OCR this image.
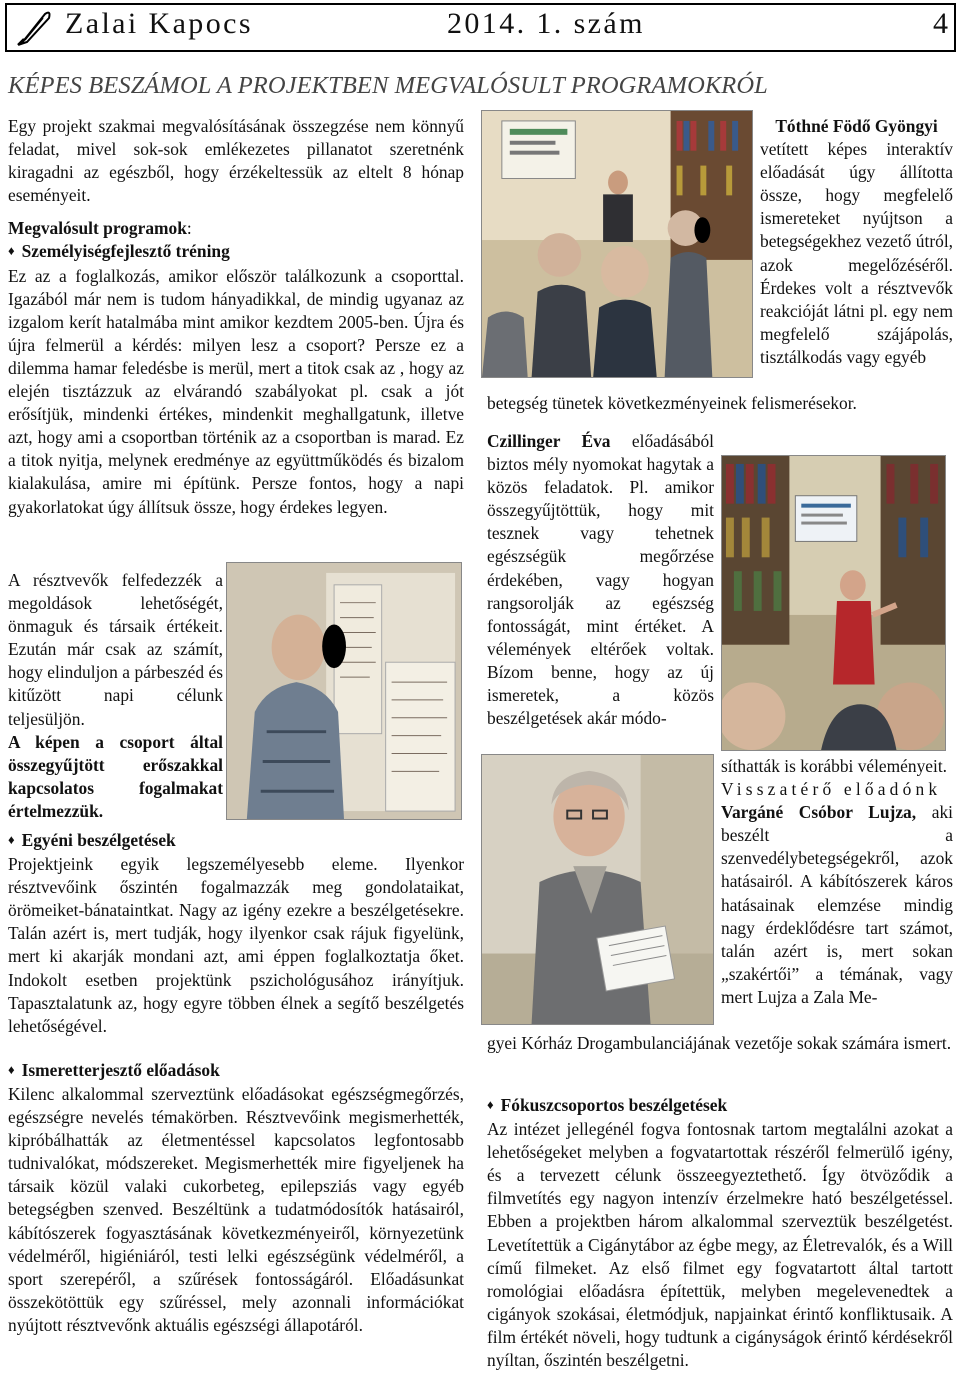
Zalai Kapocs	2014. 1. szám	4
KÉPES BESZÁMOL A PROJEKTBEN MEGVALÓSULT PROGRAMOKRÓL

Egy projekt szakmai megvalósításának összegzése nem könnyű feladat, mivel sok-sok emlékezetes pillanatot szeretnénk kiragadni az egészből, hogy érzékeltessük az eltelt 8 hónap eseményeit.

Megvalósult programok:

♦ Személyiségfejlesztő tréning

Ez az a foglalkozás, amikor először találkozunk a csoporttal. Igazából már nem is tudom hányadikkal, de mindig ugyanaz az izgalom kerít hatalmába mint amikor kezdtem 2005-ben. Újra és újra felmerül a kérdés: milyen lesz a csoport? Persze ez a dilemma hamar feledésbe is merül, mert a titok csak az , hogy az elején tisztázzuk az elvárandó szabályokat pl. csak a jót erősítjük, mindenki értékes, mindenkit meghallgatunk, illetve azt, hogy ami a csoportban történik az a csoportban is marad. Ez a titok nyitja, melynek eredménye az együttműködés és bizalom kialakulása, amire mi építünk. Persze fontos, hogy a napi gyakorlatokat úgy állítsuk össze, hogy érdekes legyen.

A résztvevők felfedezzék a megoldások lehetőségét, önmaguk és társaik értékeit. Ezután már csak az számít, hogy elinduljon a párbeszéd és kitűzött napi célunk teljesüljön.

A képen a csoport által összegyűjtött erőszakkal kapcsolatos fogalmakat értelmezzük.

♦ Egyéni beszélgetések

Projektjeink egyik legszemélyesebb eleme. Ilyenkor résztvevőink őszintén fogalmazzák meg gondolataikat, örömeiket-bánataintkat. Nagy az igény ezekre a beszélgetésekre. Talán azért is, mert tudják, hogy ilyenkor csak rájuk figyelünk, mert ki akarják mondani azt, ami éppen foglalkoztatja őket. Indokolt esetben projektünk pszichológusához irányítjuk. Tapasztalatunk az, hogy egyre többen élnek a segítő beszélgetés lehetőségével.

♦ Ismeretterjesztő előadások

Kilenc alkalommal szerveztünk előadásokat egészségmegőrzés, egészségre nevelés témakörben. Résztvevőink megismerhették, kipróbálhatták az életmentéssel kapcsolatos legfontosabb tudnivalókat, módszereket. Megismerhették mire figyeljenek ha társaik közül valaki cukorbeteg, epilepsziás vagy egyéb betegségben szenved. Beszéltünk a tudatmódosítók hatásairól, kábítószerek fogyasztásának következményeiről, környezetünk védelméről, higiéniáról, testi lelki egészségünk védelméről, a sport szerepéről, a szűrések fontosságáról. Előadásunkat összekötöttük egy szűréssel, mely azonnali információkat nyújtott résztvevőnk aktuális egészségi állapotáról.

Tóthné Födő Gyöngyi
vetített képes interaktív előadását úgy állította össze, hogy megfelelő ismereteket nyújtson a betegségekhez vezető útról, azok megelőzéséről. Érdekes volt a résztvevők reakcióját látni pl. egy nem megfelelő szájápolás, tisztálkodás vagy egyéb

betegség tünetek következményeinek felismerésekor.

Czillinger Éva előadásából biztos mély nyomokat hagytak a közös feladatok. Pl. amikor összegyűjtöttük, hogy mit tesznek vagy tehetnek egészségük megőrzése érdekében, vagy hogyan rangsorolják az egészség fontosságát, mint értéket. A vélemények eltérőek voltak. Bízom benne, hogy az új ismeretek, a közös beszélgetések akár módo-

síthatták is korábbi véleményeit.

Visszatérő előadónk

Vargáné Csóbor Lujza, aki beszélt a szenvedélybetegségekről, azok hatásairól. A kábítószerek káros hatásainak elemzése mindig nagy érdeklődésre tart számot, talán azért is, mert sokan „szakértői” a témának, vagy mert Lujza a Zala Me-

gyei Kórház Drogambulanciájának vezetője sokak számára ismert.

♦ Fókuszcsoportos beszélgetések

Az intézet jellegénél fogva fontosnak tartom megtalálni azokat a lehetőségeket melyben a fogvatartottak részéről felmerülő igény, és a tervezett célunk összeegyeztethető. Így ötvöződik a filmvetítés egy nagyon intenzív érzelmekre ható beszélgetéssel. Ebben a projektben három alkalommal szerveztük beszélgetést. Levetítettük a Cigánytábor az égbe megy, az Életrevalók, és a Will című filmeket. Az első filmet egy fogvatartott által tartott romológiai előadásra építettük, melyben megelevenedtek a cigányok szokásai, életmódjuk, napjainkat érintő konfliktusaik. A film értékét növeli, hogy tudtunk a cigányságok érintő kérdésekről nyíltan, őszintén beszélgetni.
